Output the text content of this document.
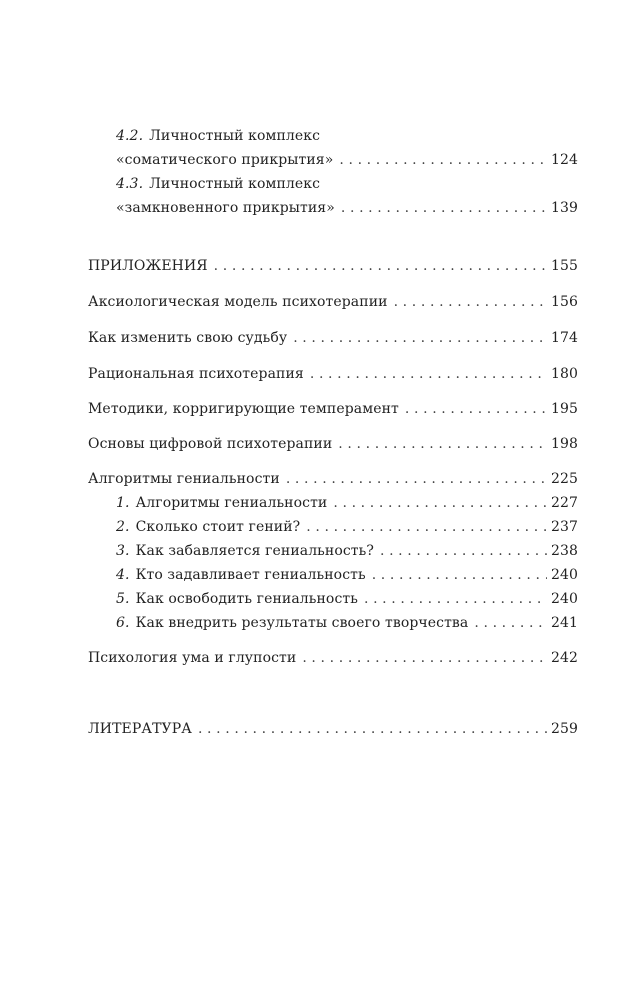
4.2. Личностный комплекс
«соматического прикрытия» . . .	124
4.3. Личностный комплекс
«замкновенного прикрытия» . . .	139
ПРИЛОЖЕНИЯ . . .	155
Аксиологическая модель психотерапии . . .	156
Как изменить свою судьбу . . .	174
Рациональная психотерапия . . .	180
Методики, корригирующие темперамент . . .	195
Основы цифровой психотерапии . . .	198
Алгоритмы гениальности . . .	225
1. Алгоритмы гениальности . . .	227
2. Сколько стоит гений? . . .	237
3. Как забавляется гениальность? . . .	238
4. Кто задавливает гениальность . . .	240
5. Как освободить гениальность . . .	240
6. Как внедрить результаты своего творчества . . .	241
Психология ума и глупости . . .	242
ЛИТЕРАТУРА . . .	259
